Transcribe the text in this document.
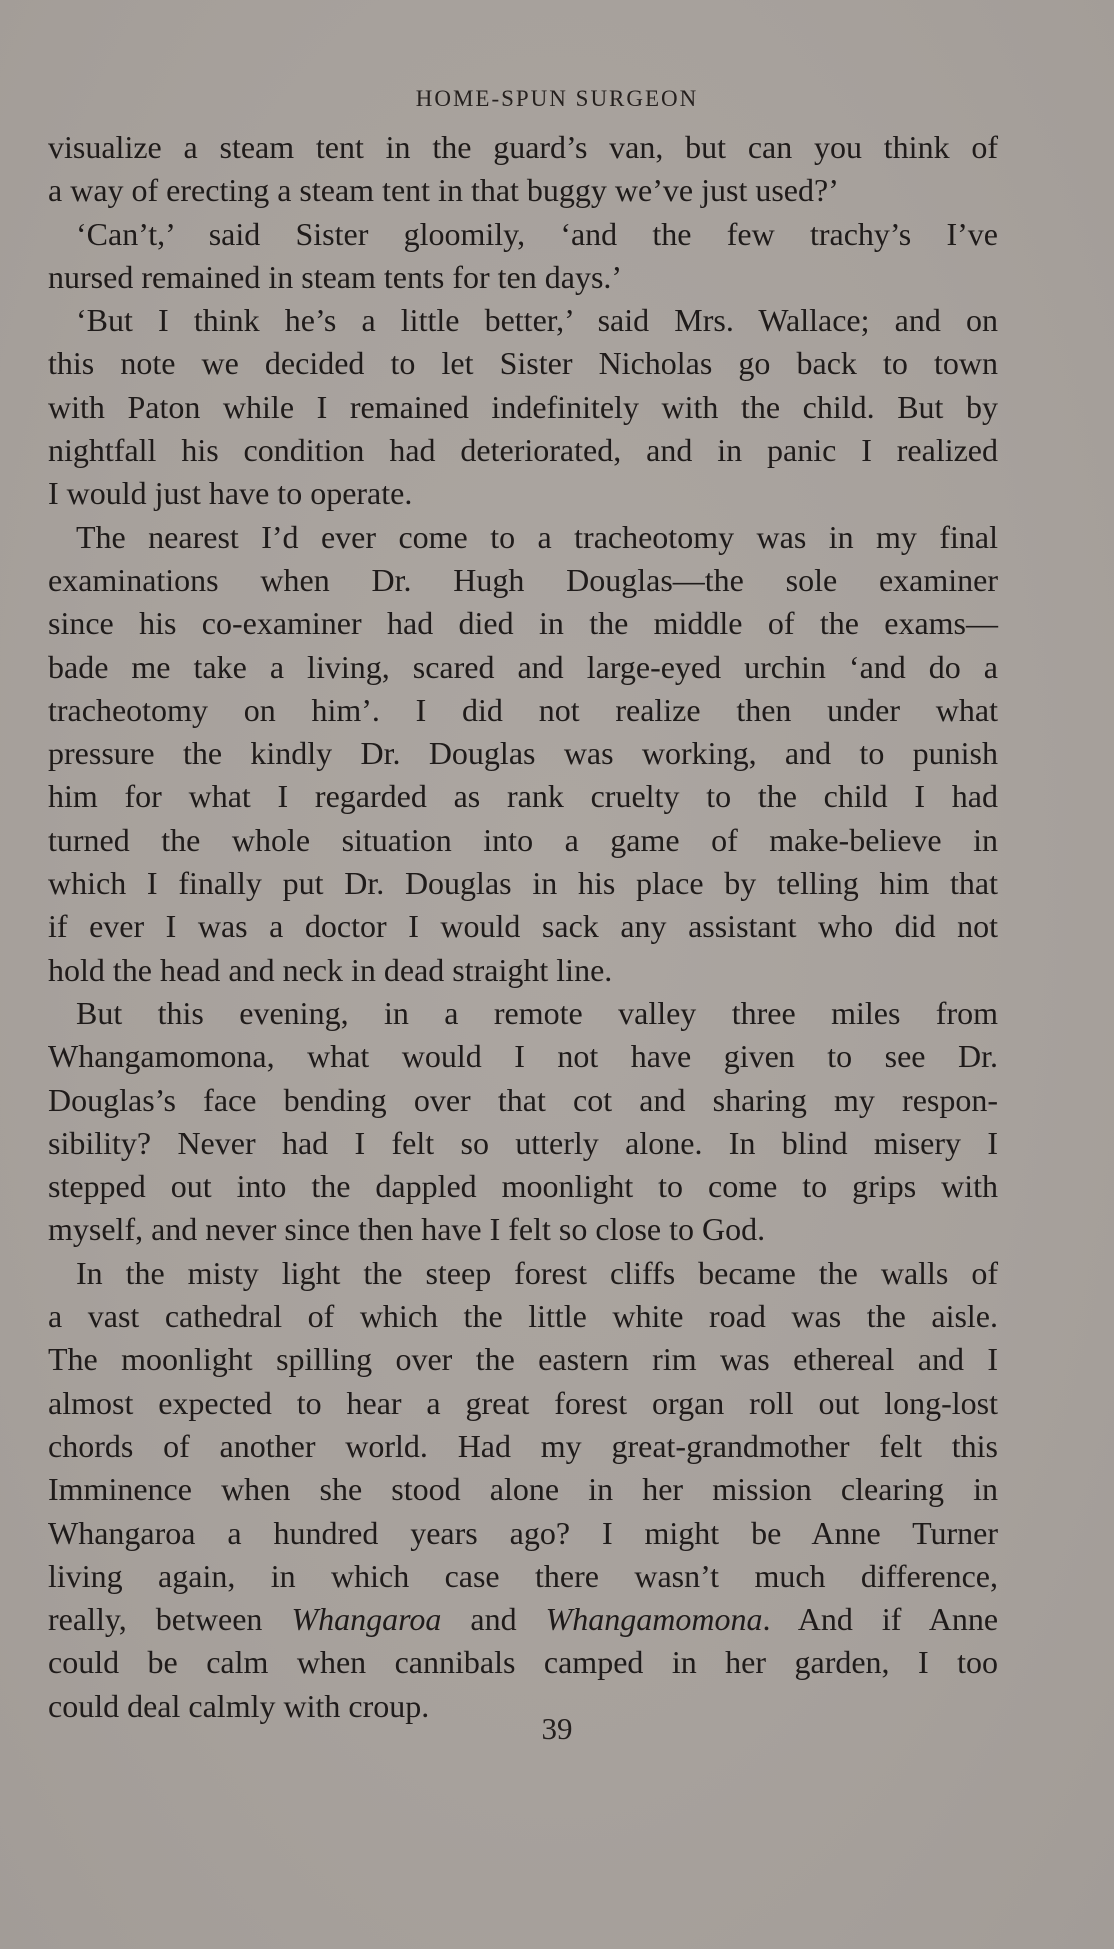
HOME-SPUN SURGEON
visualize a steam tent in the guard’s van, but can you think of
a way of erecting a steam tent in that buggy we’ve just used?’
‘Can’t,’ said Sister gloomily, ‘and the few trachy’s I’ve
nursed remained in steam tents for ten days.’
‘But I think he’s a little better,’ said Mrs. Wallace; and on
this note we decided to let Sister Nicholas go back to town
with Paton while I remained indefinitely with the child. But by
nightfall his condition had deteriorated, and in panic I realized
I would just have to operate.
The nearest I’d ever come to a tracheotomy was in my final
examinations when Dr. Hugh Douglas—the sole examiner
since his co-examiner had died in the middle of the exams—
bade me take a living, scared and large-eyed urchin ‘and do a
tracheotomy on him’. I did not realize then under what
pressure the kindly Dr. Douglas was working, and to punish
him for what I regarded as rank cruelty to the child I had
turned the whole situation into a game of make-believe in
which I finally put Dr. Douglas in his place by telling him that
if ever I was a doctor I would sack any assistant who did not
hold the head and neck in dead straight line.
But this evening, in a remote valley three miles from
Whangamomona, what would I not have given to see Dr.
Douglas’s face bending over that cot and sharing my respon-
sibility? Never had I felt so utterly alone. In blind misery I
stepped out into the dappled moonlight to come to grips with
myself, and never since then have I felt so close to God.
In the misty light the steep forest cliffs became the walls of
a vast cathedral of which the little white road was the aisle.
The moonlight spilling over the eastern rim was ethereal and I
almost expected to hear a great forest organ roll out long-lost
chords of another world. Had my great-grandmother felt this
Imminence when she stood alone in her mission clearing in
Whangaroa a hundred years ago? I might be Anne Turner
living again, in which case there wasn’t much difference,
really, between Whangaroa and Whangamomona. And if Anne
could be calm when cannibals camped in her garden, I too
could deal calmly with croup.
39
